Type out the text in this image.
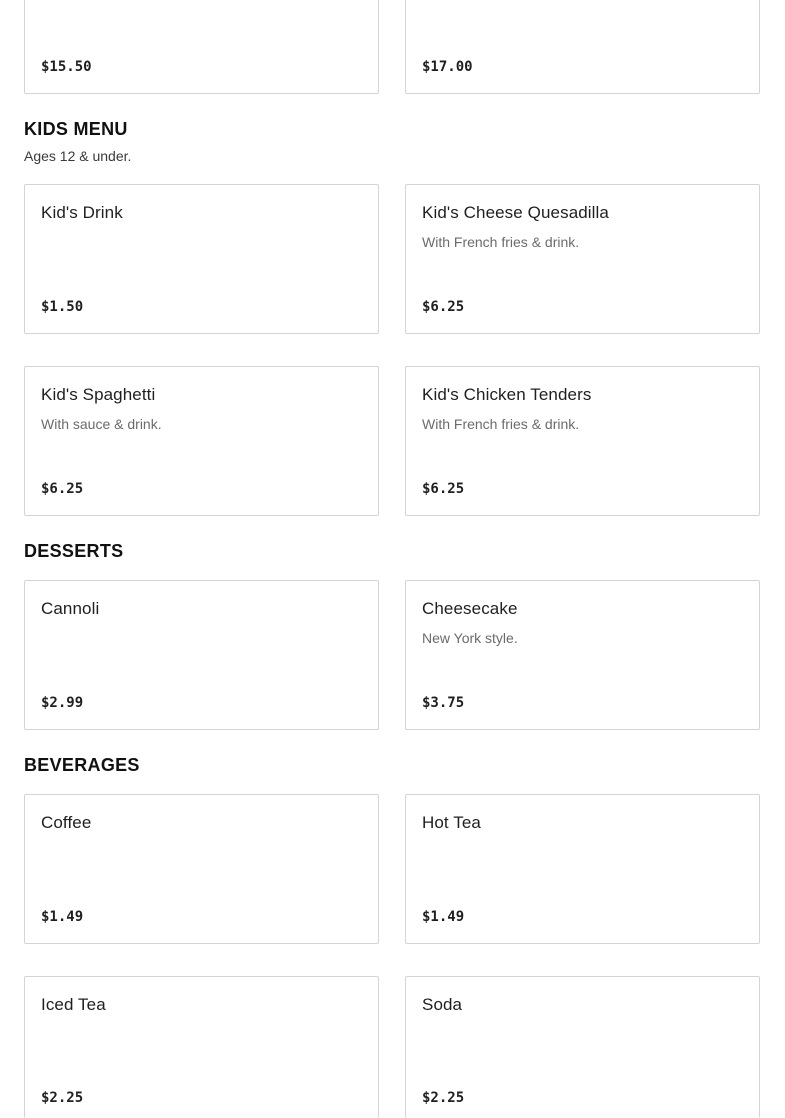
$15.50	$17.00
KIDS MENU
Ages 12 & under.
Kid's Drink
$1.50
Kid's Cheese Quesadilla
With French fries & drink.
$6.25
Kid's Spaghetti
With sauce & drink.
$6.25
Kid's Chicken Tenders
With French fries & drink.
$6.25
DESSERTS
Cannoli
$2.99
Cheesecake
New York style.
$3.75
BEVERAGES
Coffee
$1.49
Hot Tea
$1.49
Iced Tea
$2.25
Soda
$2.25
